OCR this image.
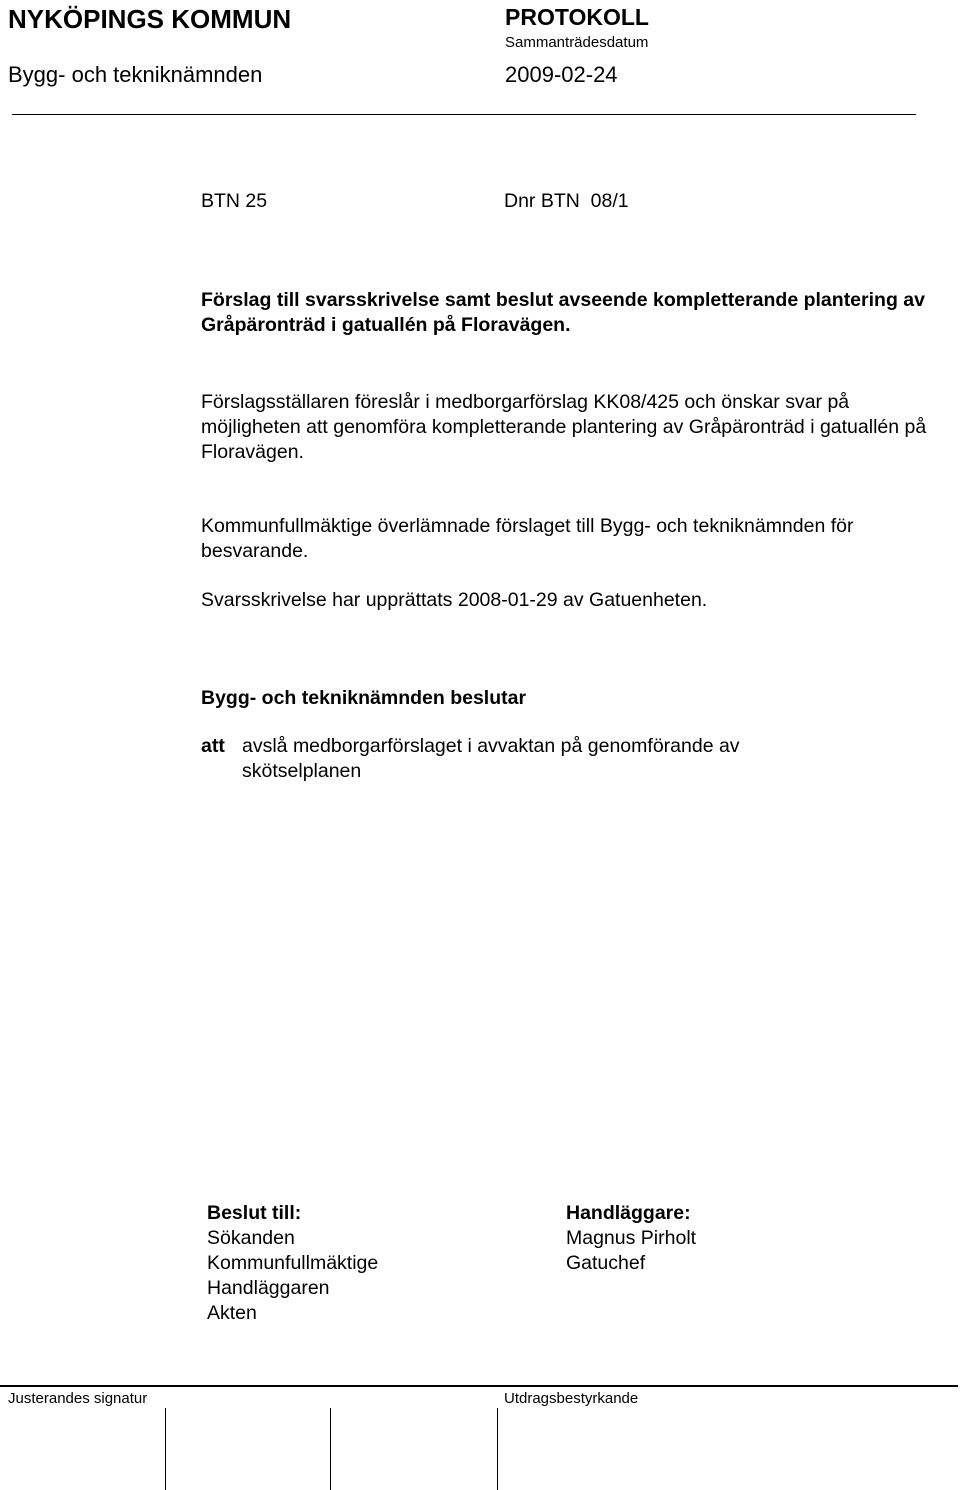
NYKÖPINGS KOMMUN	PROTOKOLL
Sammanträdesdatum
Bygg- och tekniknämnden	2009-02-24
BTN 25	Dnr BTN  08/1
Förslag till svarsskrivelse samt beslut avseende kompletterande plantering av Gråpäronträd i gatuallén på Floravägen.
Förslagsställaren föreslår i medborgarförslag KK08/425 och önskar svar på möjligheten att genomföra kompletterande plantering av Gråpäronträd i gatuallén på Floravägen.
Kommunfullmäktige överlämnade förslaget till Bygg- och tekniknämnden för besvarande.
Svarsskrivelse har upprättats 2008-01-29 av Gatuenheten.
Bygg- och tekniknämnden beslutar
att avslå medborgarförslaget i avvaktan på genomförande av skötselplanen
Beslut till:
Sökanden
Kommunfullmäktige
Handläggaren
Akten
Handläggare:
Magnus Pirholt
Gatuchef
Justerandes signatur	Utdragsbestyrkande
